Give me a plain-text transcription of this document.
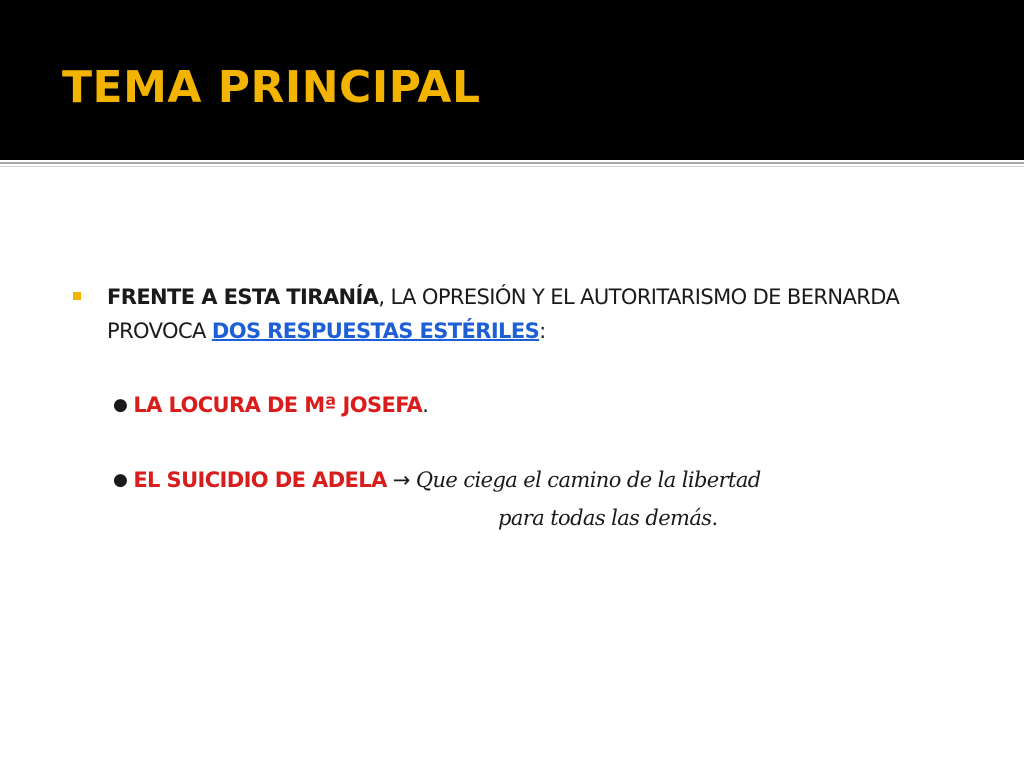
TEMA PRINCIPAL
FRENTE A ESTA TIRANÍA, LA OPRESIÓN Y EL AUTORITARISMO DE BERNARDA PROVOCA DOS RESPUESTAS ESTÉRILES:
● LA LOCURA DE Mª JOSEFA.
● EL SUICIDIO DE ADELA → Que ciega el camino de la libertad
para todas las demás.
